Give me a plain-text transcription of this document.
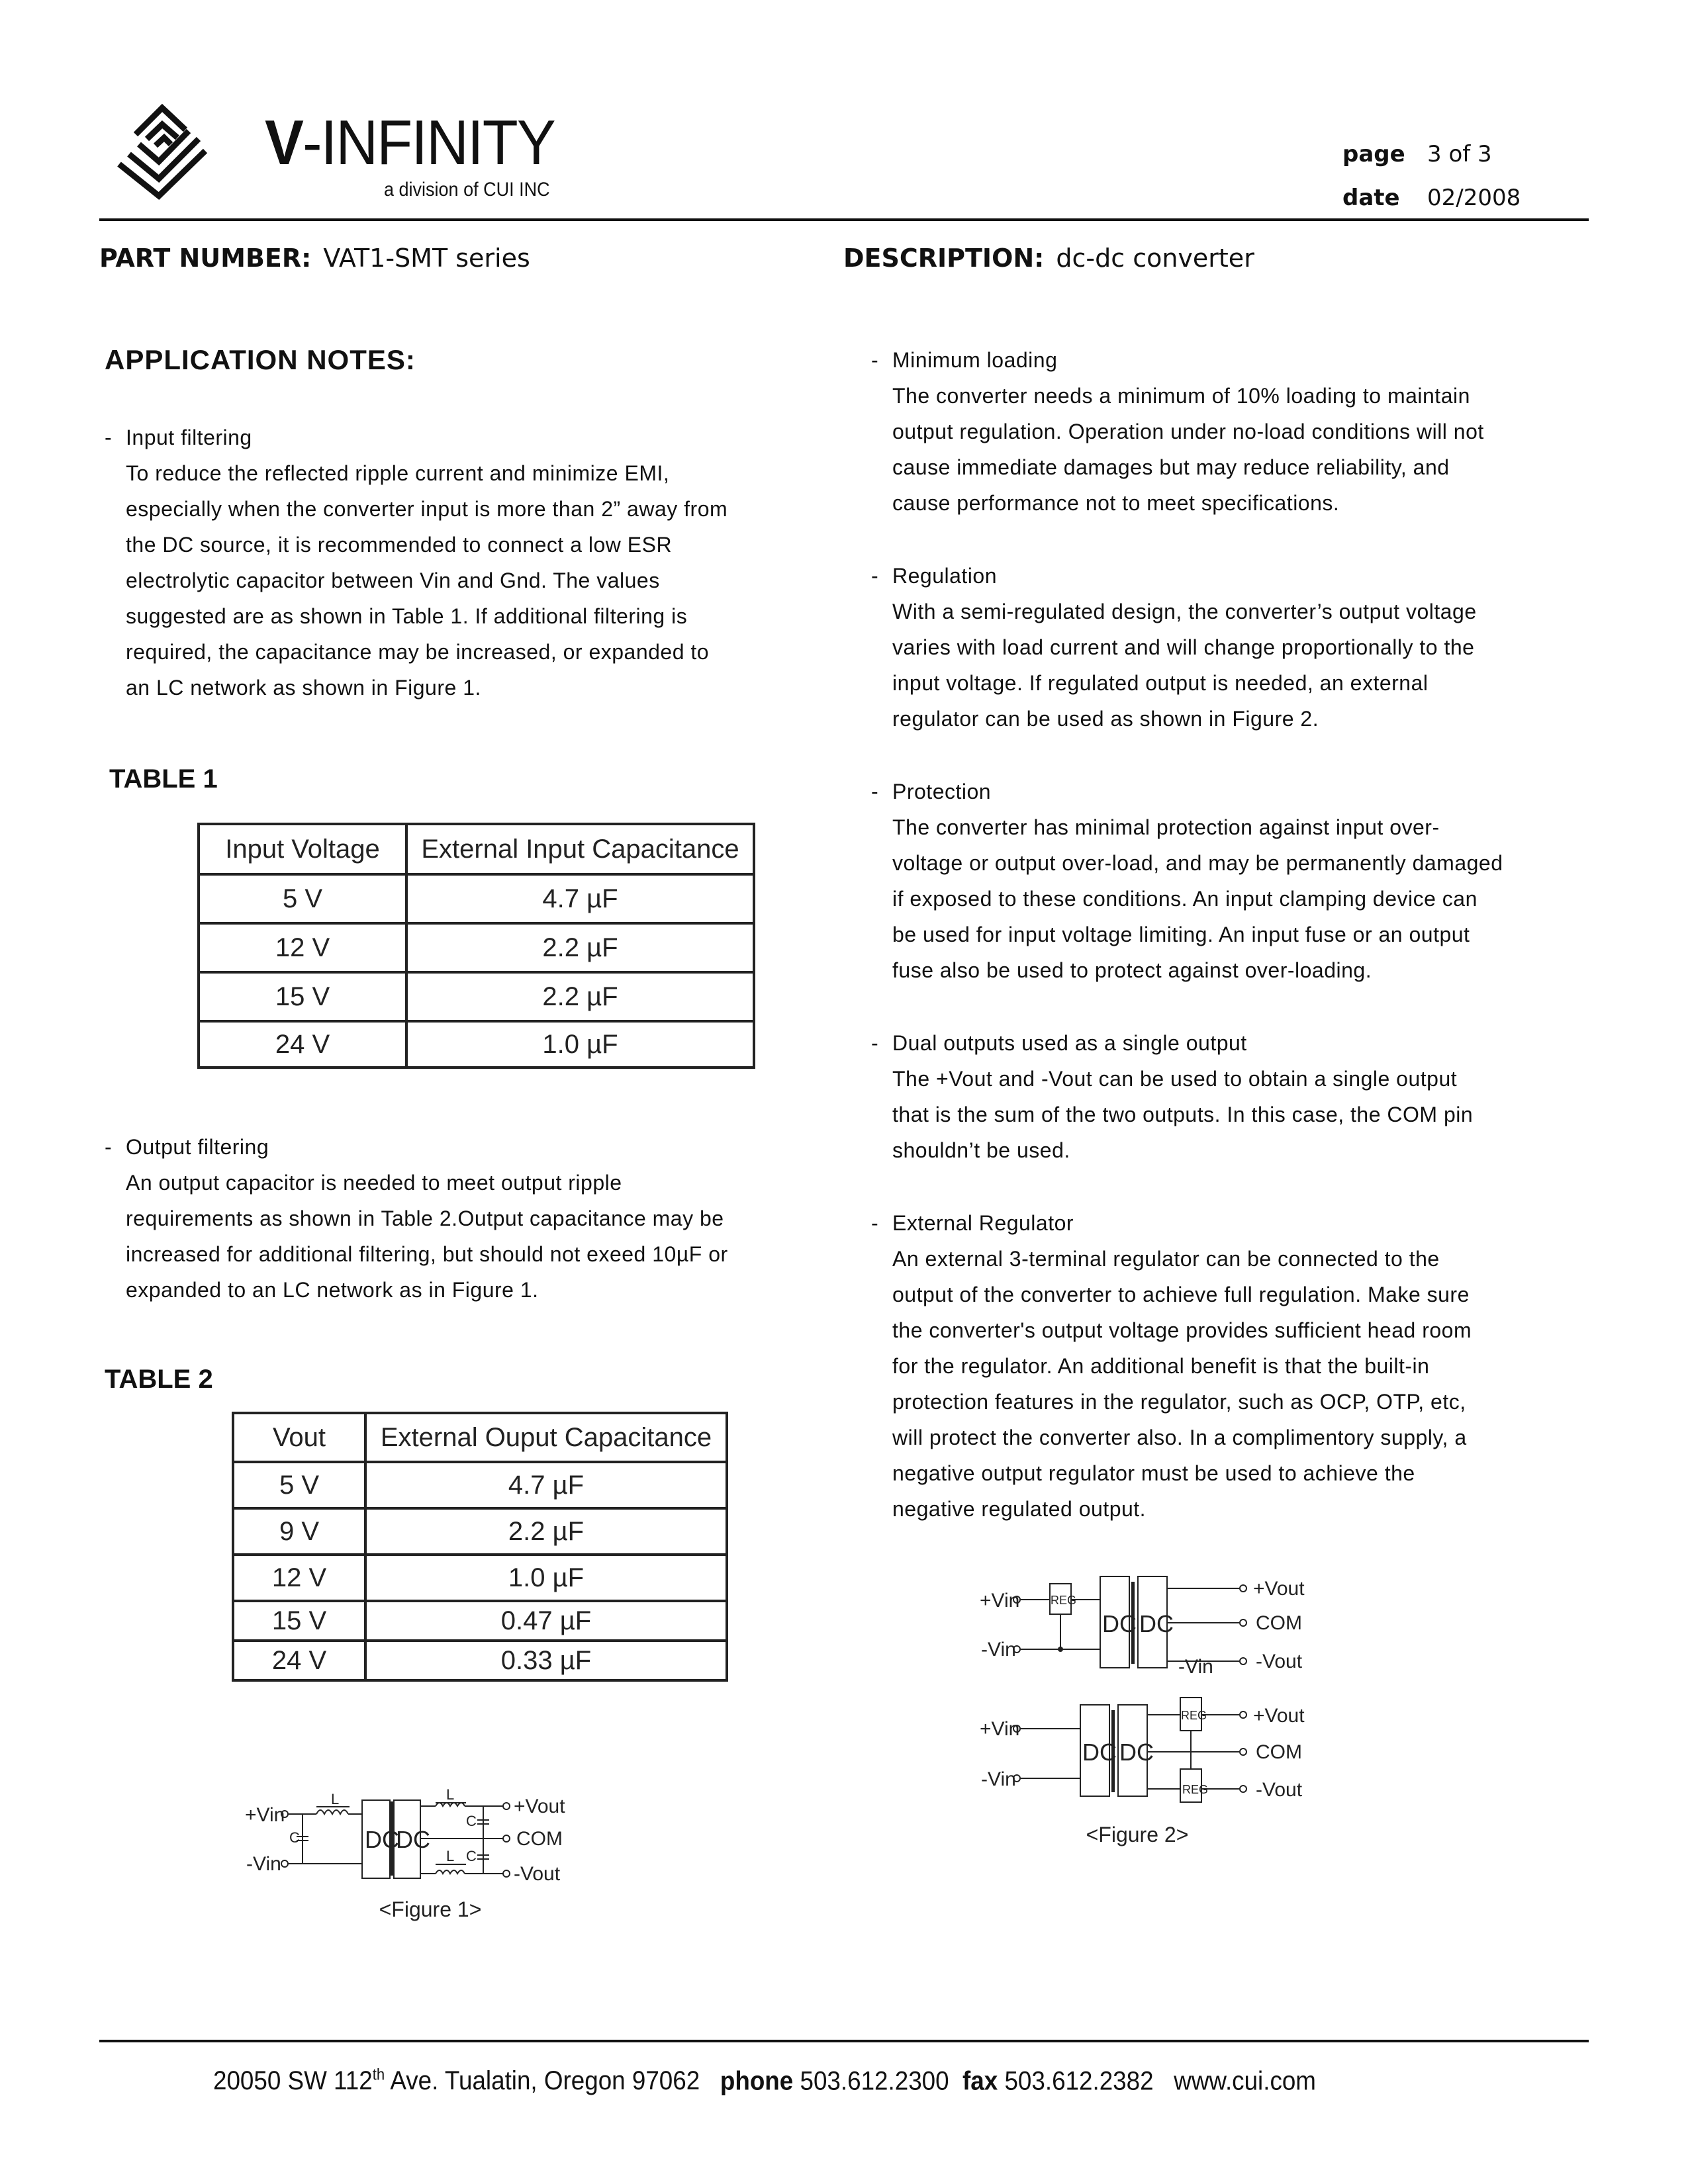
V-INFINITY
a division of CUI INC
page 3 of 3
date 02/2008
PART NUMBER: VAT1-SMT series	DESCRIPTION: dc-dc converter
APPLICATION NOTES:
- Input filtering
To reduce the reflected ripple current and minimize EMI,
especially when the converter input is more than 2” away from
the DC source, it is recommended to connect a low ESR
electrolytic capacitor between Vin and Gnd. The values
suggested are as shown in Table 1. If additional filtering is
required, the capacitance may be increased, or expanded to
an LC network as shown in Figure 1.
TABLE 1
Input Voltage	External Input Capacitance
5 V	4.7 µF
12 V	2.2 µF
15 V	2.2 µF
24 V	1.0 µF
- Output filtering
An output capacitor is needed to meet output ripple
requirements as shown in Table 2.Output capacitance may be
increased for additional filtering, but should not exeed 10µF or
expanded to an LC network as in Figure 1.
TABLE 2
Vout	External Ouput Capacitance
5 V	4.7 µF
9 V	2.2 µF
12 V	1.0 µF
15 V	0.47 µF
24 V	0.33 µF
+Vin
-Vin
L
C	DC
DC
L
L
C
C
+Vout
COM
-Vout
<Figure 1>
- Minimum loading
The converter needs a minimum of 10% loading to maintain
output regulation. Operation under no-load conditions will not
cause immediate damages but may reduce reliability, and
cause performance not to meet specifications.
- Regulation
With a semi-regulated design, the converter’s output voltage
varies with load current and will change proportionally to the
input voltage. If regulated output is needed, an external
regulator can be used as shown in Figure 2.
- Protection
The converter has minimal protection against input over-
voltage or output over-load, and may be permanently damaged
if exposed to these conditions. An input clamping device can
be used for input voltage limiting. An input fuse or an output
fuse also be used to protect against over-loading.
- Dual outputs used as a single output
The +Vout and -Vout can be used to obtain a single output
that is the sum of the two outputs. In this case, the COM pin
shouldn’t be used.
- External Regulator
An external 3-terminal regulator can be connected to the
output of the converter to achieve full regulation. Make sure
the converter's output voltage provides sufficient head room
for the regulator. An additional benefit is that the built-in
protection features in the regulator, such as OCP, OTP, etc,
will protect the converter also. In a complimentory supply, a
negative output regulator must be used to achieve the
negative regulated output.
+Vin
-Vin
REG
DC DC
-Vin
+Vout
COM
-Vout
+Vin
-Vin
DC DC
REG
REG
+Vout
COM
-Vout
<Figure 2>
20050 SW 112th Ave. Tualatin, Oregon 97062 phone 503.612.2300 fax 503.612.2382 www.cui.com
